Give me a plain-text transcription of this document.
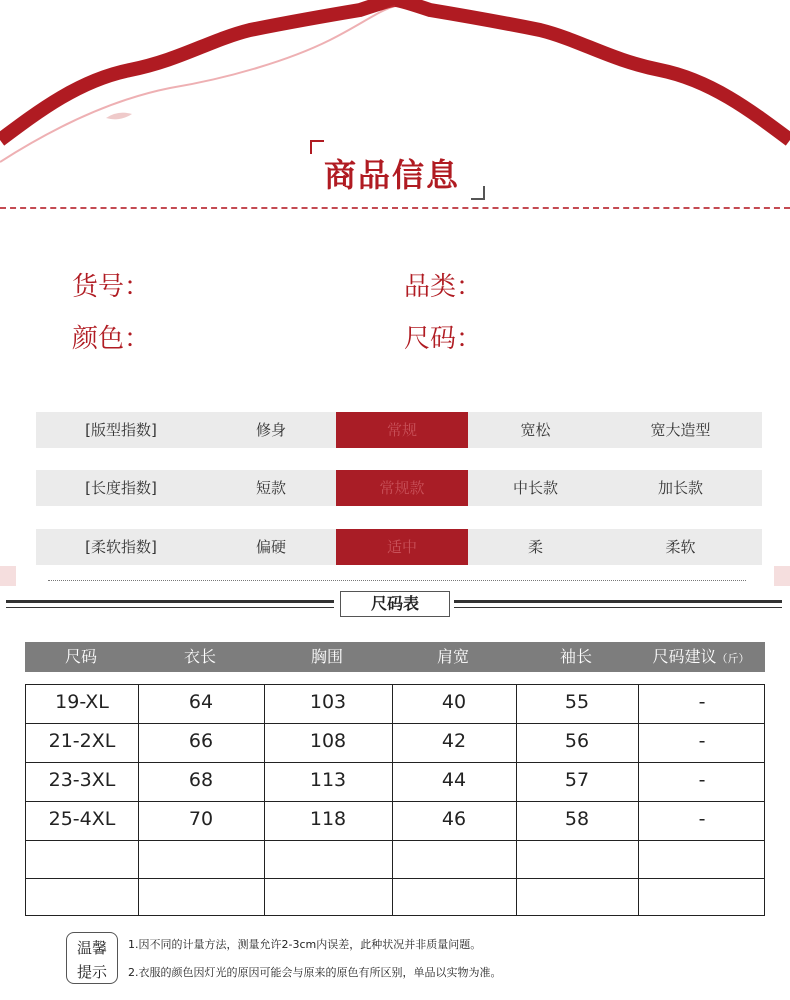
商品信息
货号：	品类：
颜色：	尺码：
[版型指数]	修身	常规	宽松	宽大造型
[长度指数]	短款	常规款	中长款	加长款
[柔软指数]	偏硬	适中	柔	柔软
尺码表
尺码	衣长	胸围	肩宽	袖长	尺码建议（斤）
19-XL	64	103	40	55	-
21-2XL	66	108	42	56	-
23-3XL	68	113	44	57	-
25-4XL	70	118	46	58	-
温馨
提示
1.因不同的计量方法，测量允许2-3cm内误差，此种状况并非质量问题。
2.衣服的颜色因灯光的原因可能会与原来的原色有所区别，单品以实物为准。
